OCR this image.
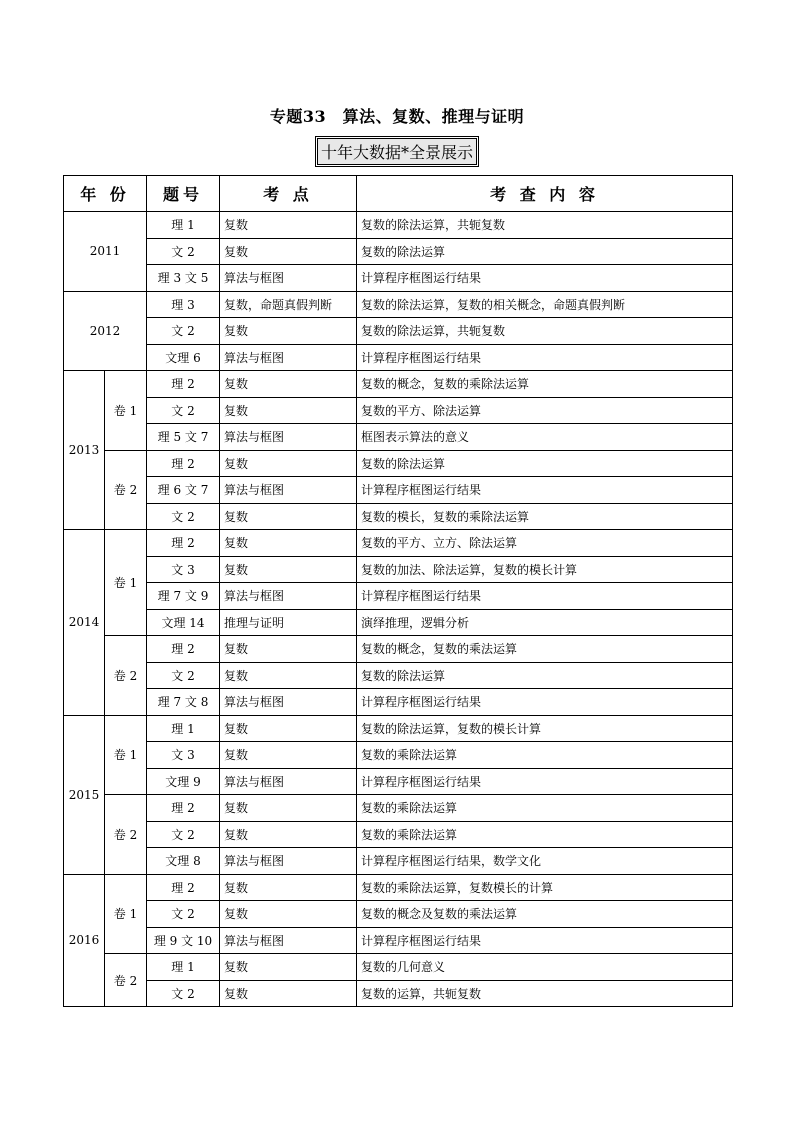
专题33　算法、复数、推理与证明
十年大数据*全景展示
年 份		题号	考 点	考 查 内 容
2011		理 1	复数	复数的除法运算，共轭复数
		文 2	复数	复数的除法运算
		理 3 文 5	算法与框图	计算程序框图运行结果
2012		理 3	复数，命题真假判断	复数的除法运算，复数的相关概念，命题真假判断
		文 2	复数	复数的除法运算，共轭复数
		文理 6	算法与框图	计算程序框图运行结果
2013	卷 1	理 2	复数	复数的概念，复数的乘除法运算
		文 2	复数	复数的平方、除法运算
		理 5 文 7	算法与框图	框图表示算法的意义
	卷 2	理 2	复数	复数的除法运算
		理 6 文 7	算法与框图	计算程序框图运行结果
		文 2	复数	复数的模长，复数的乘除法运算
2014	卷 1	理 2	复数	复数的平方、立方、除法运算
		文 3	复数	复数的加法、除法运算，复数的模长计算
		理 7 文 9	算法与框图	计算程序框图运行结果
		文理 14	推理与证明	演绎推理，逻辑分析
	卷 2	理 2	复数	复数的概念，复数的乘法运算
		文 2	复数	复数的除法运算
		理 7 文 8	算法与框图	计算程序框图运行结果
2015	卷 1	理 1	复数	复数的除法运算，复数的模长计算
		文 3	复数	复数的乘除法运算
		文理 9	算法与框图	计算程序框图运行结果
	卷 2	理 2	复数	复数的乘除法运算
		文 2	复数	复数的乘除法运算
		文理 8	算法与框图	计算程序框图运行结果，数学文化
2016	卷 1	理 2	复数	复数的乘除法运算，复数模长的计算
		文 2	复数	复数的概念及复数的乘法运算
		理 9 文 10	算法与框图	计算程序框图运行结果
	卷 2	理 1	复数	复数的几何意义
		文 2	复数	复数的运算，共轭复数
